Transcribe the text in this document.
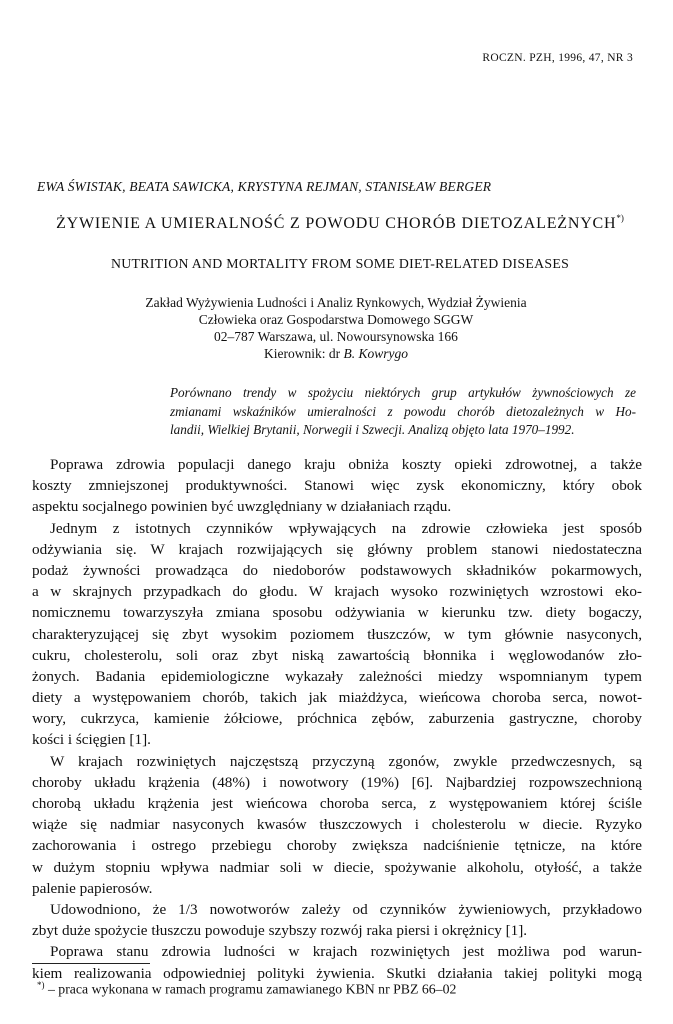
ROCZN. PZH, 1996, 47, NR 3
EWA ŚWISTAK, BEATA SAWICKA, KRYSTYNA REJMAN, STANISŁAW BERGER
ŻYWIENIE A UMIERALNOŚĆ Z POWODU CHORÓB DIETOZALEŻNYCH*)
NUTRITION AND MORTALITY FROM SOME DIET-RELATED DISEASES
Zakład Wyżywienia Ludności i Analiz Rynkowych, Wydział Żywienia
Człowieka oraz Gospodarstwa Domowego SGGW
02–787 Warszawa, ul. Nowoursynowska 166
Kierownik: dr B. Kowrygo
Porównano trendy w spożyciu niektórych grup artykułów żywnościowych ze
zmianami wskaźników umieralności z powodu chorób dietozależnych w Ho-
landii, Wielkiej Brytanii, Norwegii i Szwecji. Analizą objęto lata 1970–1992.
Poprawa zdrowia populacji danego kraju obniża koszty opieki zdrowotnej, a także
koszty zmniejszonej produktywności. Stanowi więc zysk ekonomiczny, który obok
aspektu socjalnego powinien być uwzględniany w działaniach rządu.
Jednym z istotnych czynników wpływających na zdrowie człowieka jest sposób
odżywiania się. W krajach rozwijających się główny problem stanowi niedostateczna
podaż żywności prowadząca do niedoborów podstawowych składników pokarmowych,
a w skrajnych przypadkach do głodu. W krajach wysoko rozwiniętych wzrostowi eko-
nomicznemu towarzyszyła zmiana sposobu odżywiania w kierunku tzw. diety bogaczy,
charakteryzującej się zbyt wysokim poziomem tłuszczów, w tym głównie nasyconych,
cukru, cholesterolu, soli oraz zbyt niską zawartością błonnika i węglowodanów zło-
żonych. Badania epidemiologiczne wykazały zależności miedzy wspomnianym typem
diety a występowaniem chorób, takich jak miażdżyca, wieńcowa choroba serca, nowot-
wory, cukrzyca, kamienie żółciowe, próchnica zębów, zaburzenia gastryczne, choroby
kości i ścięgien [1].
W krajach rozwiniętych najczęstszą przyczyną zgonów, zwykle przedwczesnych, są
choroby układu krążenia (48%) i nowotwory (19%) [6]. Najbardziej rozpowszechnioną
chorobą układu krążenia jest wieńcowa choroba serca, z występowaniem której ściśle
wiąże się nadmiar nasyconych kwasów tłuszczowych i cholesterolu w diecie. Ryzyko
zachorowania i ostrego przebiegu choroby zwiększa nadciśnienie tętnicze, na które
w dużym stopniu wpływa nadmiar soli w diecie, spożywanie alkoholu, otyłość, a także
palenie papierosów.
Udowodniono, że 1/3 nowotworów zależy od czynników żywieniowych, przykładowo
zbyt duże spożycie tłuszczu powoduje szybszy rozwój raka piersi i okrężnicy [1].
Poprawa stanu zdrowia ludności w krajach rozwiniętych jest możliwa pod warun-
kiem realizowania odpowiedniej polityki żywienia. Skutki działania takiej polityki mogą
*) – praca wykonana w ramach programu zamawianego KBN nr PBZ 66–02
